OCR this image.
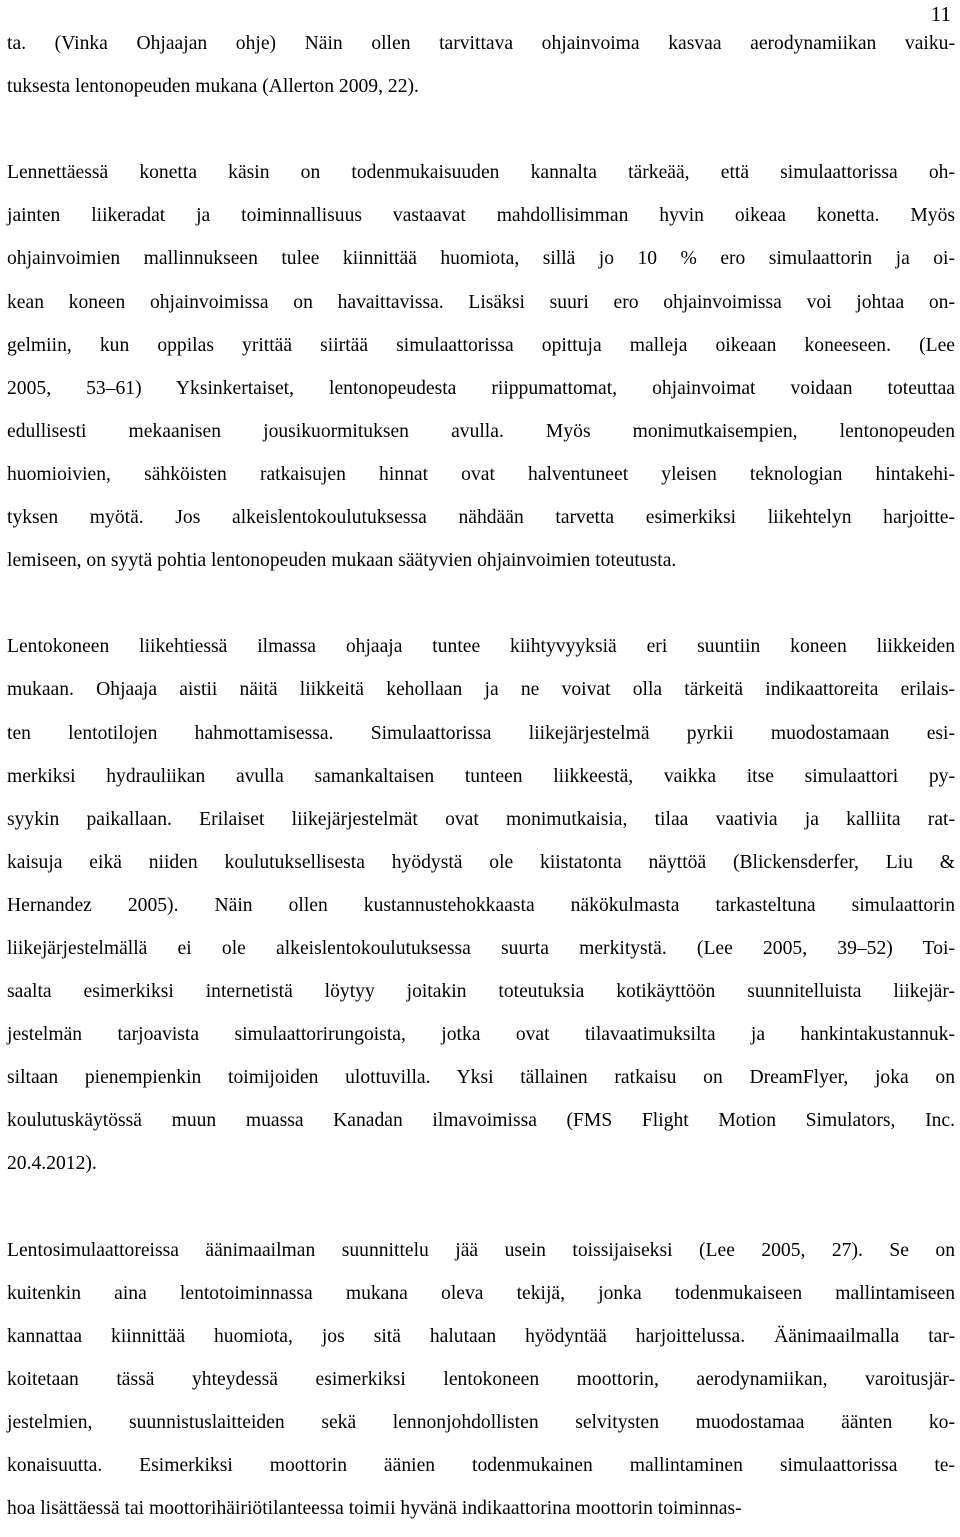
11
ta. (Vinka Ohjaajan ohje) Näin ollen tarvittava ohjainvoima kasvaa aerodynamiikan vaiku-
tuksesta lentonopeuden mukana (Allerton 2009, 22).
Lennettäessä konetta käsin on todenmukaisuuden kannalta tärkeää, että simulaattorissa oh-
jainten liikeradat ja toiminnallisuus vastaavat mahdollisimman hyvin oikeaa konetta. Myös
ohjainvoimien mallinnukseen tulee kiinnittää huomiota, sillä jo 10 % ero simulaattorin ja oi-
kean koneen ohjainvoimissa on havaittavissa. Lisäksi suuri ero ohjainvoimissa voi johtaa on-
gelmiin, kun oppilas yrittää siirtää simulaattorissa opittuja malleja oikeaan koneeseen. (Lee
2005, 53–61) Yksinkertaiset, lentonopeudesta riippumattomat, ohjainvoimat voidaan toteuttaa
edullisesti mekaanisen jousikuormituksen avulla. Myös monimutkaisempien, lentonopeuden
huomioivien, sähköisten ratkaisujen hinnat ovat halventuneet yleisen teknologian hintakehi-
tyksen myötä. Jos alkeislentokoulutuksessa nähdään tarvetta esimerkiksi liikehtelyn harjoitte-
lemiseen, on syytä pohtia lentonopeuden mukaan säätyvien ohjainvoimien toteutusta.
Lentokoneen liikehtiessä ilmassa ohjaaja tuntee kiihtyvyyksiä eri suuntiin koneen liikkeiden
mukaan. Ohjaaja aistii näitä liikkeitä kehollaan ja ne voivat olla tärkeitä indikaattoreita erilais-
ten lentotilojen hahmottamisessa. Simulaattorissa liikejärjestelmä pyrkii muodostamaan esi-
merkiksi hydrauliikan avulla samankaltaisen tunteen liikkeestä, vaikka itse simulaattori py-
syykin paikallaan. Erilaiset liikejärjestelmät ovat monimutkaisia, tilaa vaativia ja kalliita rat-
kaisuja eikä niiden koulutuksellisesta hyödystä ole kiistatonta näyttöä (Blickensderfer, Liu &
Hernandez 2005). Näin ollen kustannustehokkaasta näkökulmasta tarkasteltuna simulaattorin
liikejärjestelmällä ei ole alkeislentokoulutuksessa suurta merkitystä. (Lee 2005, 39–52) Toi-
saalta esimerkiksi internetistä löytyy joitakin toteutuksia kotikäyttöön suunnitelluista liikejär-
jestelmän tarjoavista simulaattorirungoista, jotka ovat tilavaatimuksilta ja hankintakustannuk-
siltaan pienempienkin toimijoiden ulottuvilla. Yksi tällainen ratkaisu on DreamFlyer, joka on
koulutuskäytössä muun muassa Kanadan ilmavoimissa (FMS Flight Motion Simulators, Inc.
20.4.2012).
Lentosimulaattoreissa äänimaailman suunnittelu jää usein toissijaiseksi (Lee 2005, 27). Se on
kuitenkin aina lentotoiminnassa mukana oleva tekijä, jonka todenmukaiseen mallintamiseen
kannattaa kiinnittää huomiota, jos sitä halutaan hyödyntää harjoittelussa. Äänimaailmalla tar-
koitetaan tässä yhteydessä esimerkiksi lentokoneen moottorin, aerodynamiikan, varoitusjär-
jestelmien, suunnistuslaitteiden sekä lennonjohdollisten selvitysten muodostamaa äänten ko-
konaisuutta. Esimerkiksi moottorin äänien todenmukainen mallintaminen simulaattorissa te-
hoa lisättäessä tai moottorihäiriötilanteessa toimii hyvänä indikaattorina moottorin toiminnas-
